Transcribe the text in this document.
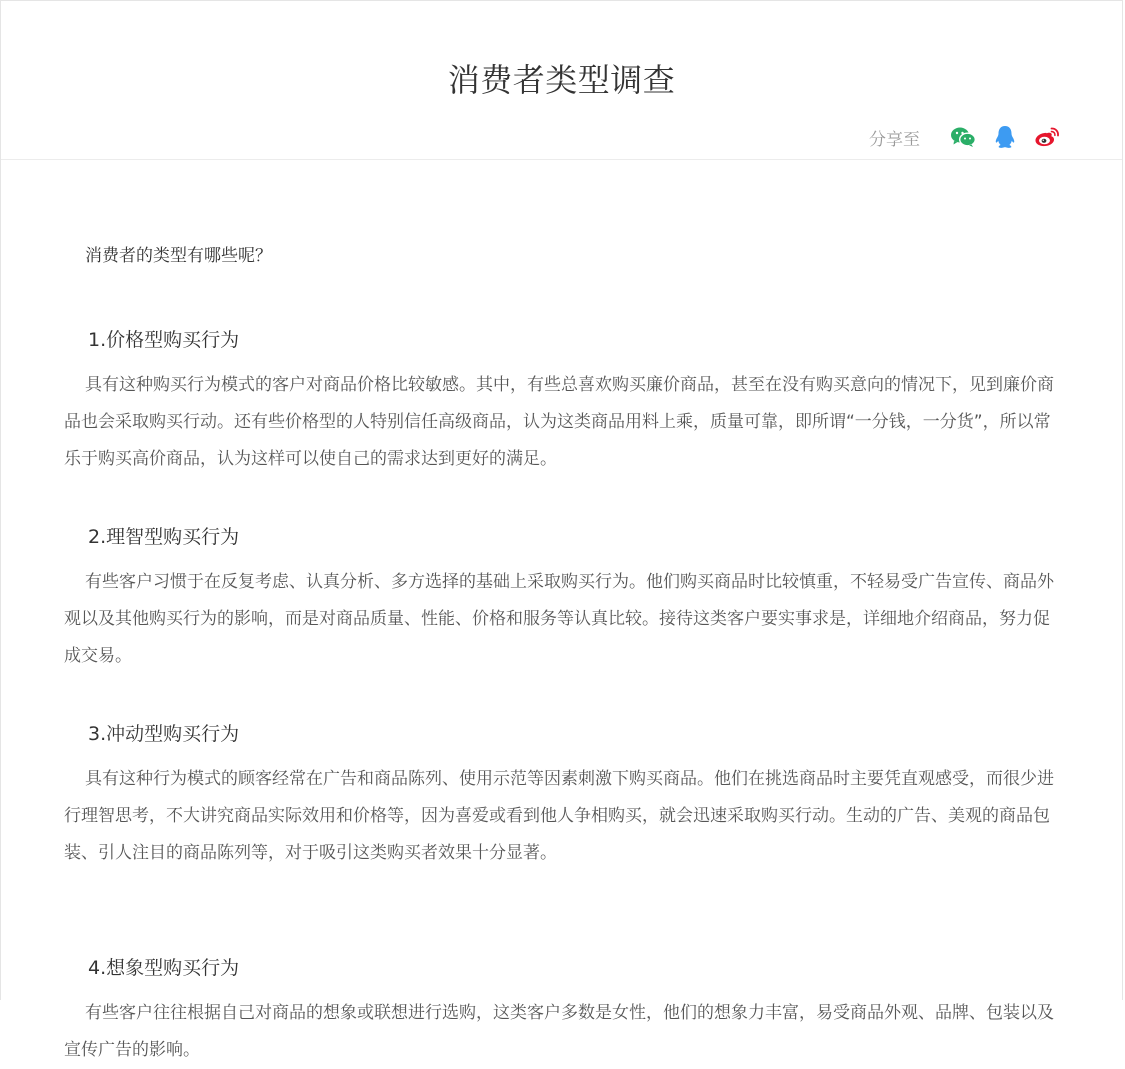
消费者类型调查
分享至

消费者的类型有哪些呢？

1.价格型购买行为

具有这种购买行为模式的客户对商品价格比较敏感。其中，有些总喜欢购买廉价商品，甚至在没有购买意向的情况下，见到廉价商品也会采取购买行动。还有些价格型的人特别信任高级商品，认为这类商品用料上乘，质量可靠，即所谓“一分钱，一分货”，所以常乐于购买高价商品，认为这样可以使自己的需求达到更好的满足。

2.理智型购买行为

有些客户习惯于在反复考虑、认真分析、多方选择的基础上采取购买行为。他们购买商品时比较慎重，不轻易受广告宣传、商品外观以及其他购买行为的影响，而是对商品质量、性能、价格和服务等认真比较。接待这类客户要实事求是，详细地介绍商品，努力促成交易。

3.冲动型购买行为

具有这种行为模式的顾客经常在广告和商品陈列、使用示范等因素刺激下购买商品。他们在挑选商品时主要凭直观感受，而很少进行理智思考，不大讲究商品实际效用和价格等，因为喜爱或看到他人争相购买，就会迅速采取购买行动。生动的广告、美观的商品包装、引人注目的商品陈列等，对于吸引这类购买者效果十分显著。

4.想象型购买行为

有些客户往往根据自己对商品的想象或联想进行选购，这类客户多数是女性，他们的想象力丰富，易受商品外观、品牌、包装以及宣传广告的影响。
